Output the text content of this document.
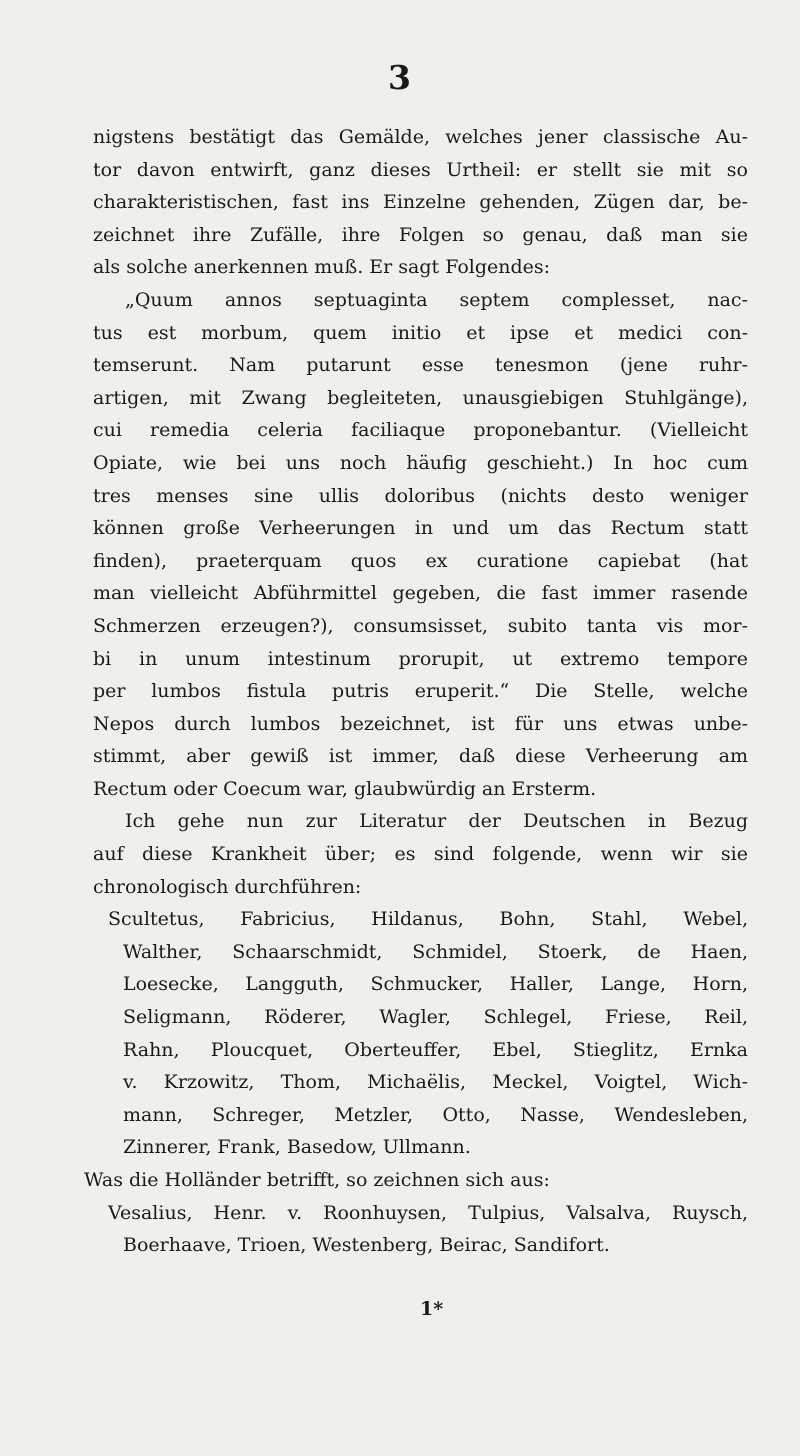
3
nigstens bestätigt das Gemälde, welches jener classische Au-
tor davon entwirft, ganz dieses Urtheil: er stellt sie mit so
charakteristischen, fast ins Einzelne gehenden, Zügen dar, be-
zeichnet ihre Zufälle, ihre Folgen so genau, daß man sie
als solche anerkennen muß. Er sagt Folgendes:
„Quum annos septuaginta septem complesset, nac-
tus est morbum, quem initio et ipse et medici con-
temserunt. Nam putarunt esse tenesmon (jene ruhr-
artigen, mit Zwang begleiteten, unausgiebigen Stuhlgänge),
cui remedia celeria faciliaque proponebantur. (Vielleicht
Opiate, wie bei uns noch häufig geschieht.) In hoc cum
tres menses sine ullis doloribus (nichts desto weniger
können große Verheerungen in und um das Rectum statt
finden), praeterquam quos ex curatione capiebat (hat
man vielleicht Abführmittel gegeben, die fast immer rasende
Schmerzen erzeugen?), consumsisset, subito tanta vis mor-
bi in unum intestinum prorupit, ut extremo tempore
per lumbos fistula putris eruperit.“ Die Stelle, welche
Nepos durch lumbos bezeichnet, ist für uns etwas unbe-
stimmt, aber gewiß ist immer, daß diese Verheerung am
Rectum oder Coecum war, glaubwürdig an Ersterm.
Ich gehe nun zur Literatur der Deutschen in Bezug
auf diese Krankheit über; es sind folgende, wenn wir sie
chronologisch durchführen:
Scultetus, Fabricius, Hildanus, Bohn, Stahl, Webel,
Walther, Schaarschmidt, Schmidel, Stoerk, de Haen,
Loesecke, Langguth, Schmucker, Haller, Lange, Horn,
Seligmann, Röderer, Wagler, Schlegel, Friese, Reil,
Rahn, Ploucquet, Oberteuffer, Ebel, Stieglitz, Ernka
v. Krzowitz, Thom, Michaëlis, Meckel, Voigtel, Wich-
mann, Schreger, Metzler, Otto, Nasse, Wendesleben,
Zinnerer, Frank, Basedow, Ullmann.
Was die Holländer betrifft, so zeichnen sich aus:
Vesalius, Henr. v. Roonhuysen, Tulpius, Valsalva, Ruysch,
Boerhaave, Trioen, Westenberg, Beirac, Sandifort.
1*
